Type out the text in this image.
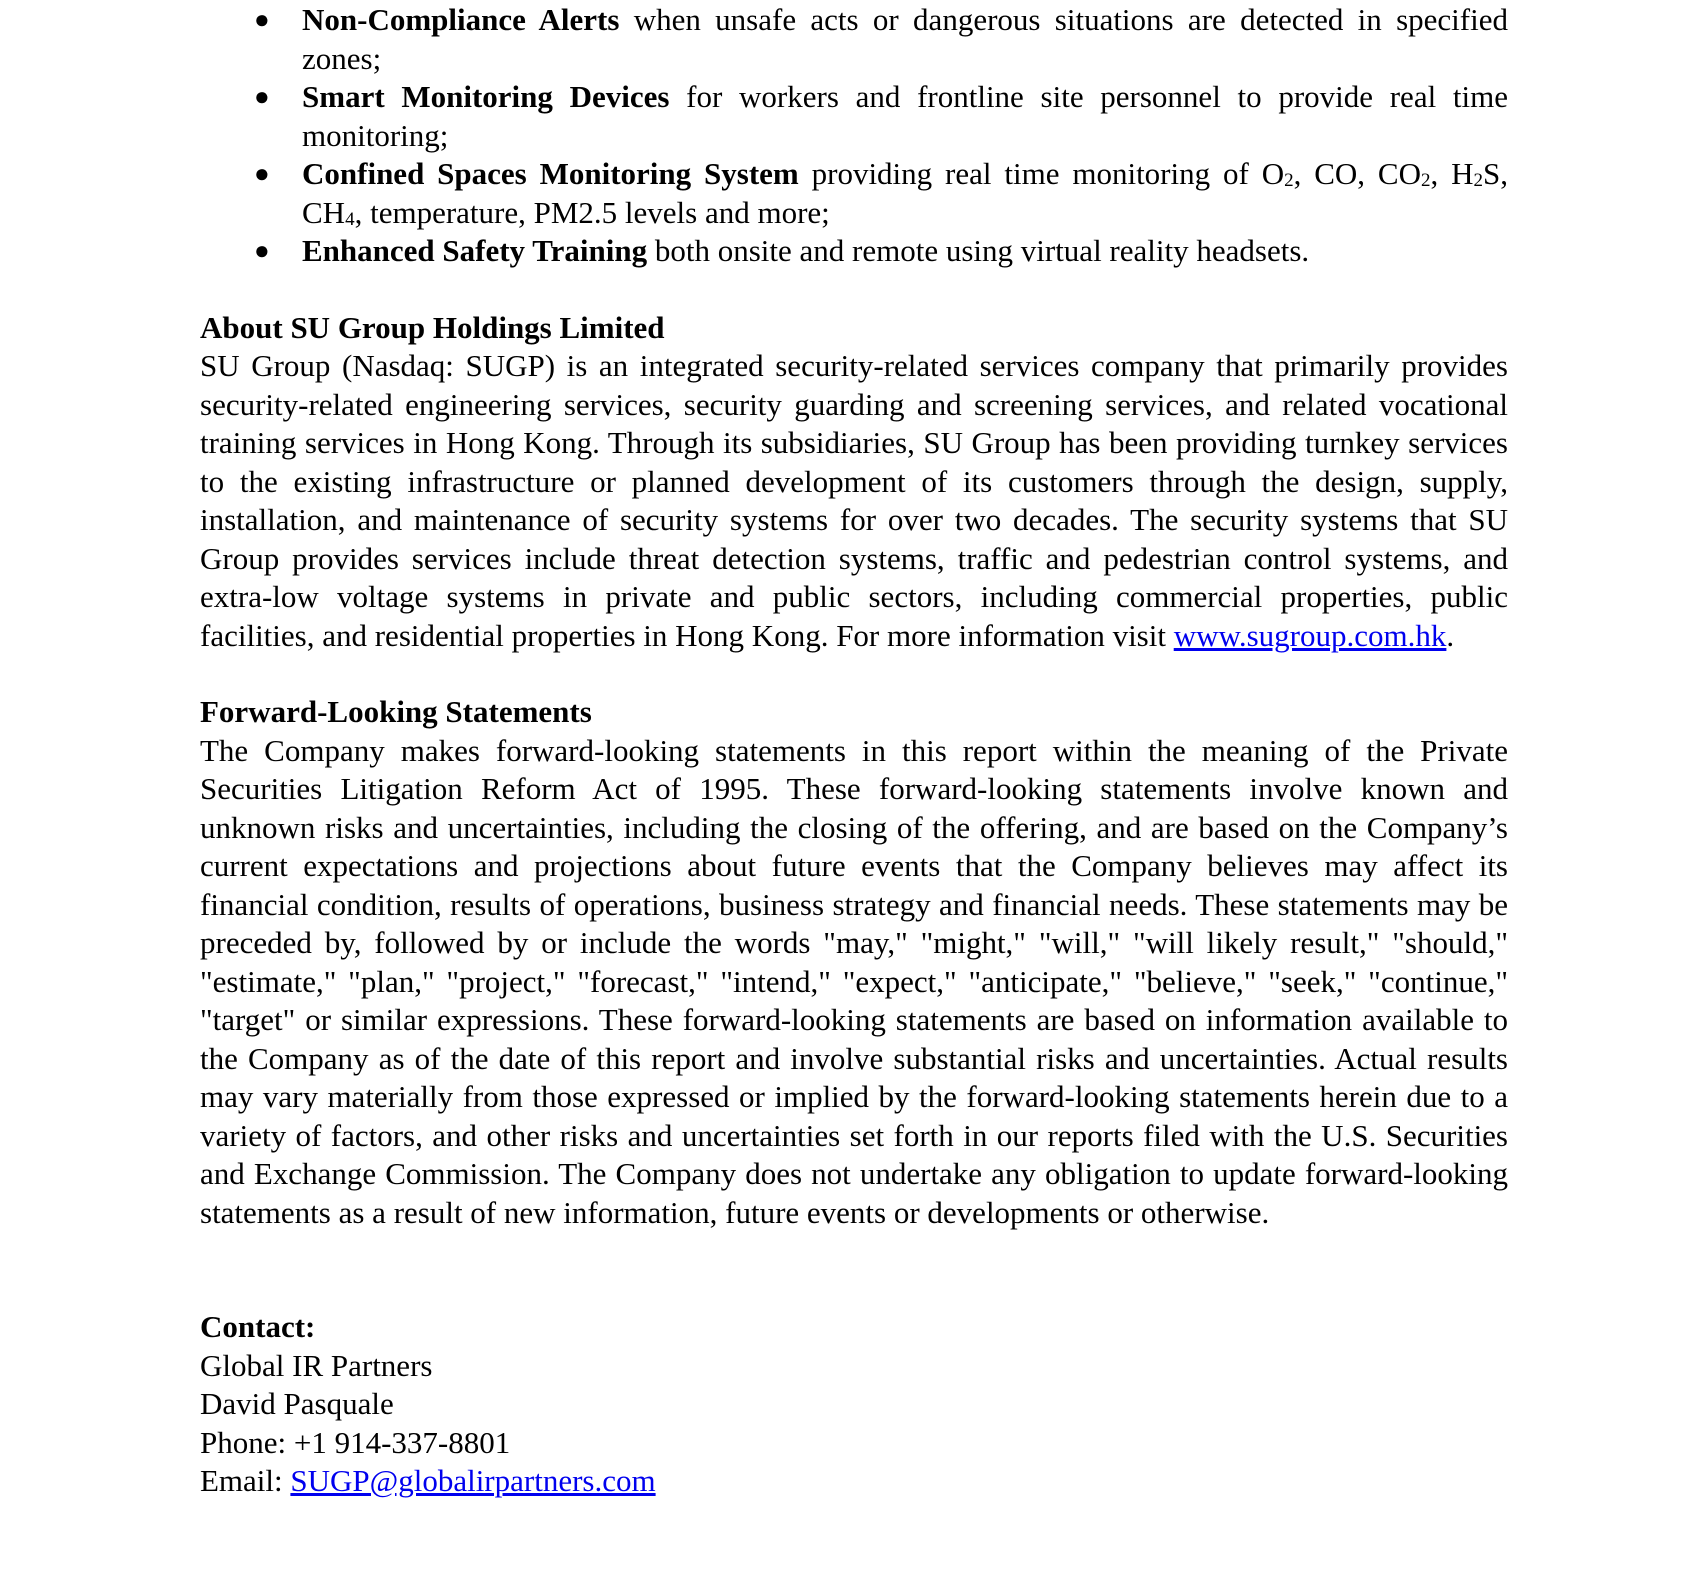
● Non-Compliance Alerts when unsafe acts or dangerous situations are detected in specified zones;
● Smart Monitoring Devices for workers and frontline site personnel to provide real time monitoring;
● Confined Spaces Monitoring System providing real time monitoring of $O_2$, CO, $CO_2$, $H_2S$, $CH_4$, temperature, PM2.5 levels and more;
● Enhanced Safety Training both onsite and remote using virtual reality headsets.
About SU Group Holdings Limited

SU Group (Nasdaq: SUGP) is an integrated security-related services company that primarily provides security-related engineering services, security guarding and screening services, and related vocational training services in Hong Kong. Through its subsidiaries, SU Group has been providing turnkey services to the existing infrastructure or planned development of its customers through the design, supply, installation, and maintenance of security systems for over two decades. The security systems that SU Group provides services include threat detection systems, traffic and pedestrian control systems, and extra-low voltage systems in private and public sectors, including commercial properties, public facilities, and residential properties in Hong Kong. For more information visit www.sugroup.com.hk.

Forward-Looking Statements

The Company makes forward-looking statements in this report within the meaning of the Private Securities Litigation Reform Act of 1995. These forward-looking statements involve known and unknown risks and uncertainties, including the closing of the offering, and are based on the Company’s current expectations and projections about future events that the Company believes may affect its financial condition, results of operations, business strategy and financial needs. These statements may be preceded by, followed by or include the words "may," "might," "will," "will likely result," "should," "estimate," "plan," "project," "forecast," "intend," "expect," "anticipate," "believe," "seek," "continue," "target" or similar expressions. These forward-looking statements are based on information available to the Company as of the date of this report and involve substantial risks and uncertainties. Actual results may vary materially from those expressed or implied by the forward-looking statements herein due to a variety of factors, and other risks and uncertainties set forth in our reports filed with the U.S. Securities and Exchange Commission. The Company does not undertake any obligation to update forward-looking statements as a result of new information, future events or developments or otherwise.

Contact:
Global IR Partners
David Pasquale
Phone: +1 914-337-8801
Email: SUGP@globalirpartners.com
